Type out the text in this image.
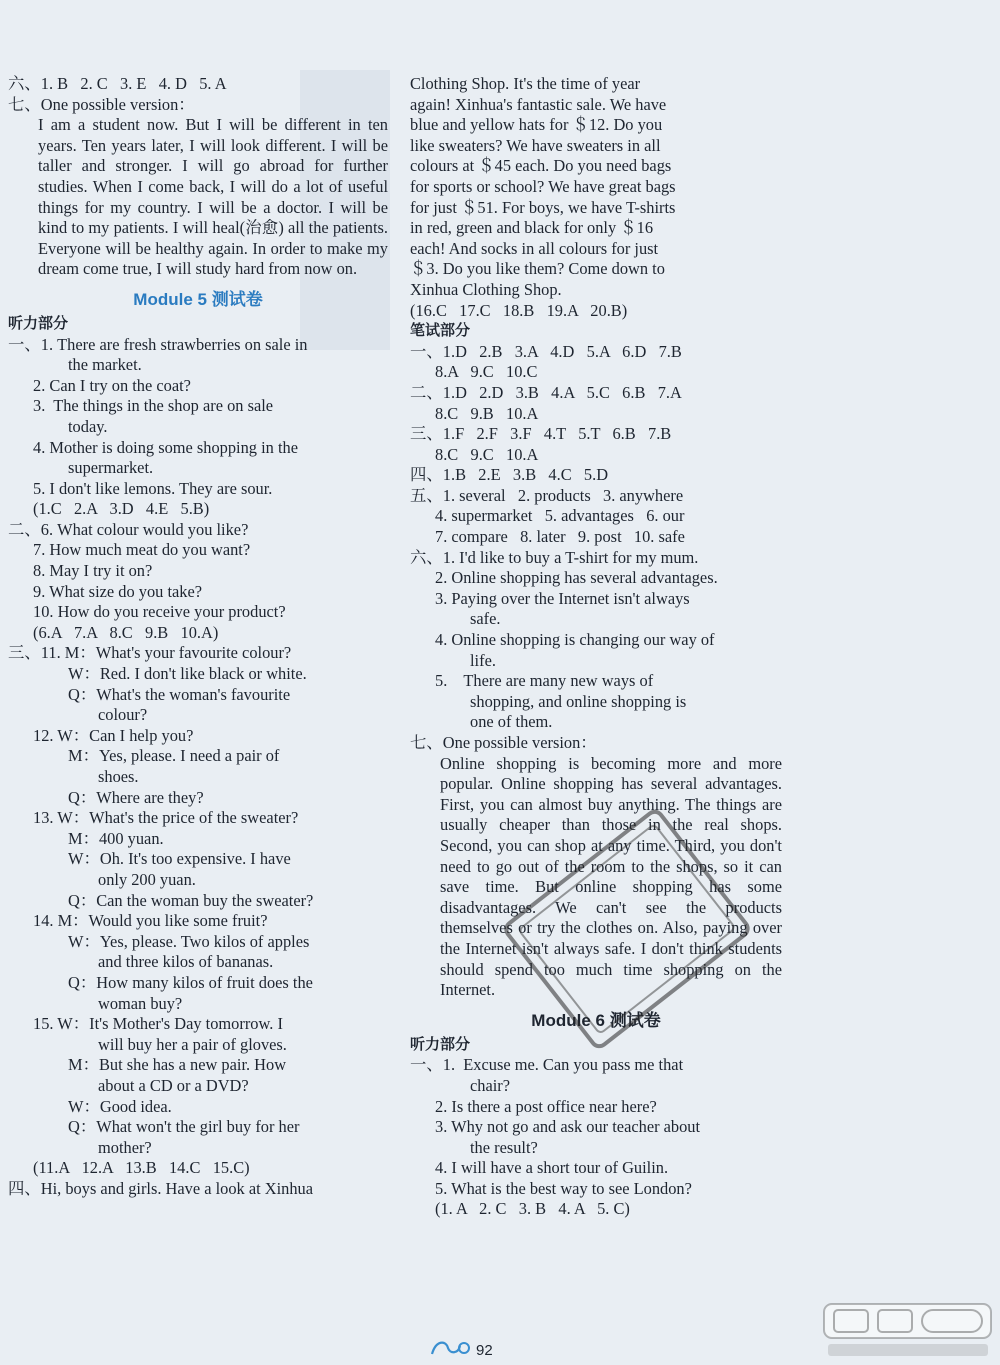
六、1. B   2. C   3. E   4. D   5. A
七、One possible version：
I am a student now. But I will be different in ten years. Ten years later, I will look different. I will be taller and stronger. I will go abroad for further studies. When I come back, I will do a lot of useful things for my country. I will be a doctor. I will be kind to my patients. I will heal(治愈) all the patients. Everyone will be healthy again. In order to make my dream come true, I will study hard from now on.
Module 5 测试卷
听力部分
一、1. There are fresh strawberries on sale in
the market.
2. Can I try on the coat?
3.  The things in the shop are on sale
today.
4. Mother is doing some shopping in the
supermarket.
5. I don't like lemons. They are sour.
(1.C   2.A   3.D   4.E   5.B)
二、6. What colour would you like?
7. How much meat do you want?
8. May I try it on?
9. What size do you take?
10. How do you receive your product?
(6.A   7.A   8.C   9.B   10.A)
三、11. M：What's your favourite colour?
W：Red. I don't like black or white.
Q：What's the woman's favourite
colour?
12. W：Can I help you?
M：Yes, please. I need a pair of
shoes.
Q：Where are they?
13. W：What's the price of the sweater?
M：400 yuan.
W：Oh. It's too expensive. I have
only 200 yuan.
Q：Can the woman buy the sweater?
14. M：Would you like some fruit?
W：Yes, please. Two kilos of apples
and three kilos of bananas.
Q：How many kilos of fruit does the
woman buy?
15. W：It's Mother's Day tomorrow. I
will buy her a pair of gloves.
M：But she has a new pair. How
about a CD or a DVD?
W：Good idea.
Q：What won't the girl buy for her
mother?
(11.A   12.A   13.B   14.C   15.C)
四、Hi, boys and girls. Have a look at Xinhua
Clothing Shop. It's the time of year
again! Xinhua's fantastic sale. We have
blue and yellow hats for ＄12. Do you
like sweaters? We have sweaters in all
colours at ＄45 each. Do you need bags
for sports or school? We have great bags
for just ＄51. For boys, we have T-shirts
in red, green and black for only ＄16
each! And socks in all colours for just
＄3. Do you like them? Come down to
Xinhua Clothing Shop.
(16.C   17.C   18.B   19.A   20.B)
笔试部分
一、1.D   2.B   3.A   4.D   5.A   6.D   7.B
8.A   9.C   10.C
二、1.D   2.D   3.B   4.A   5.C   6.B   7.A
8.C   9.B   10.A
三、1.F   2.F   3.F   4.T   5.T   6.B   7.B
8.C   9.C   10.A
四、1.B   2.E   3.B   4.C   5.D
五、1. several   2. products   3. anywhere
4. supermarket   5. advantages   6. our
7. compare   8. later   9. post   10. safe
六、1. I'd like to buy a T-shirt for my mum.
2. Online shopping has several advantages.
3. Paying over the Internet isn't always
safe.
4. Online shopping is changing our way of
life.
5.    There are many new ways of
shopping, and online shopping is
one of them.
七、One possible version：
Online shopping is becoming more and more popular. Online shopping has several advantages. First, you can almost buy anything. The things are usually cheaper than those in the real shops. Second, you can shop at any time. Third, you don't need to go out of the room to the shops, so it can save time. But online shopping has some disadvantages. We can't see the products themselves or try the clothes on. Also, paying over the Internet isn't always safe. I don't think students should spend too much time shopping on the Internet.
Module 6 测试卷
听力部分
一、1.  Excuse me. Can you pass me that
chair?
2. Is there a post office near here?
3. Why not go and ask our teacher about
the result?
4. I will have a short tour of Guilin.
5. What is the best way to see London?
(1. A   2. C   3. B   4. A   5. C)
92
